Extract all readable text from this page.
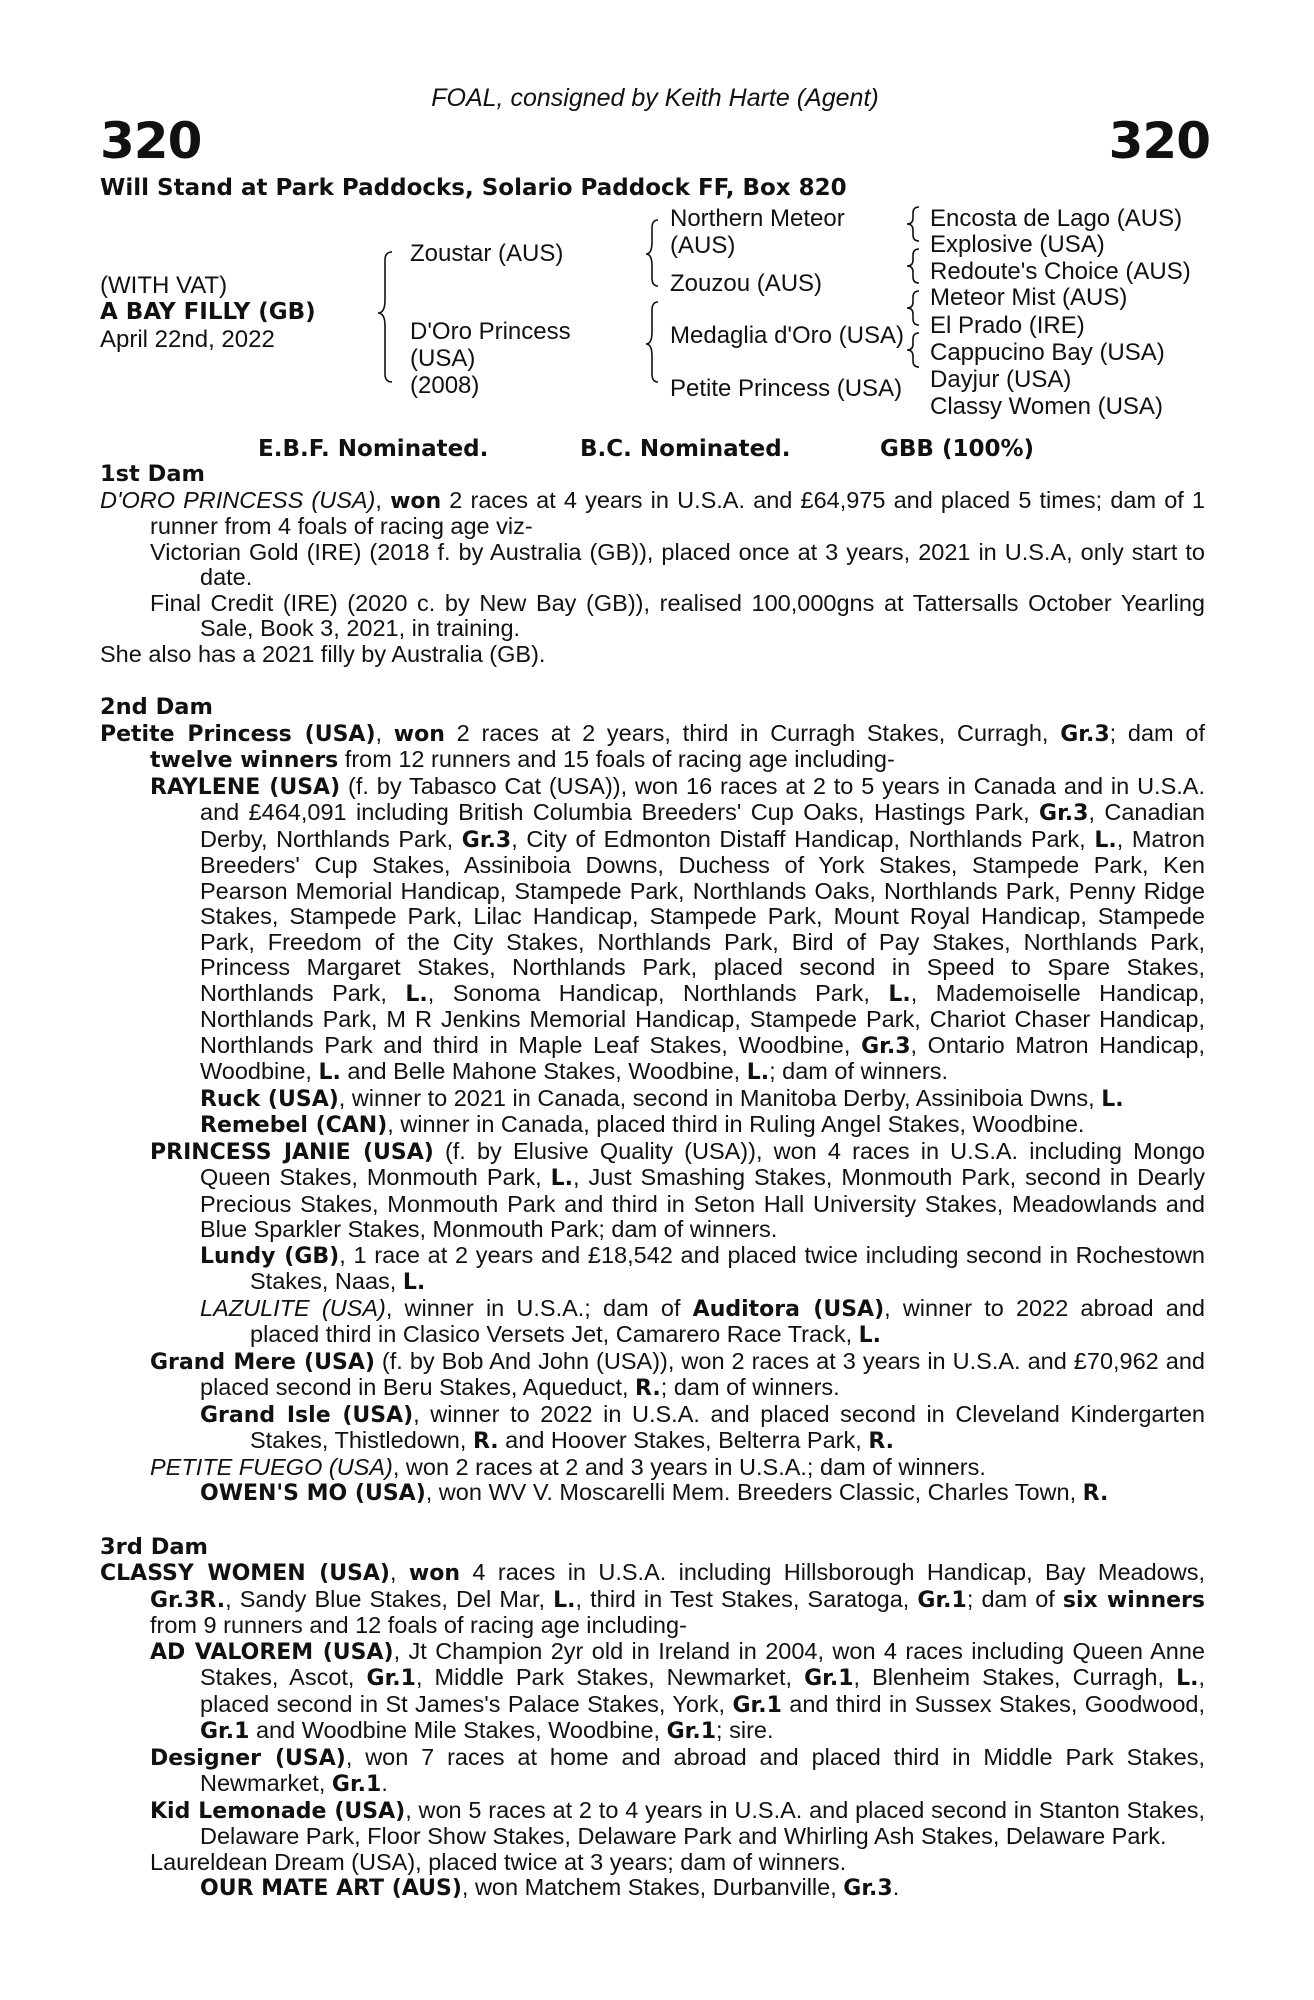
FOAL, consigned by Keith Harte (Agent)
320	320
Will Stand at Park Paddocks, Solario Paddock FF, Box 820
(WITH VAT)
A BAY FILLY (GB)
April 22nd, 2022
Zoustar (AUS)
D'Oro Princess
(USA)
(2008)
Northern Meteor
(AUS)
Zouzou (AUS)
Medaglia d'Oro (USA)
Petite Princess (USA)
Encosta de Lago (AUS)
Explosive (USA)
Redoute's Choice (AUS)
Meteor Mist (AUS)
El Prado (IRE)
Cappucino Bay (USA)
Dayjur (USA)
Classy Women (USA)
E.B.F. Nominated.	B.C. Nominated.	GBB (100%)

1st Dam

D'ORO PRINCESS (USA), won 2 races at 4 years in U.S.A. and £64,975 and placed 5 times; dam of 1 runner from 4 foals of racing age viz-

Victorian Gold (IRE) (2018 f. by Australia (GB)), placed once at 3 years, 2021 in U.S.A, only start to date.

Final Credit (IRE) (2020 c. by New Bay (GB)), realised 100,000gns at Tattersalls October Yearling Sale, Book 3, 2021, in training.

She also has a 2021 filly by Australia (GB).

2nd Dam

Petite Princess (USA), won 2 races at 2 years, third in Curragh Stakes, Curragh, Gr.3; dam of twelve winners from 12 runners and 15 foals of racing age including-

RAYLENE (USA) (f. by Tabasco Cat (USA)), won 16 races at 2 to 5 years in Canada and in U.S.A. and £464,091 including British Columbia Breeders' Cup Oaks, Hastings Park, Gr.3, Canadian Derby, Northlands Park, Gr.3, City of Edmonton Distaff Handicap, Northlands Park, L., Matron Breeders' Cup Stakes, Assiniboia Downs, Duchess of York Stakes, Stampede Park, Ken Pearson Memorial Handicap, Stampede Park, Northlands Oaks, Northlands Park, Penny Ridge Stakes, Stampede Park, Lilac Handicap, Stampede Park, Mount Royal Handicap, Stampede Park, Freedom of the City Stakes, Northlands Park, Bird of Pay Stakes, Northlands Park, Princess Margaret Stakes, Northlands Park, placed second in Speed to Spare Stakes, Northlands Park, L., Sonoma Handicap, Northlands Park, L., Mademoiselle Handicap, Northlands Park, M R Jenkins Memorial Handicap, Stampede Park, Chariot Chaser Handicap, Northlands Park and third in Maple Leaf Stakes, Woodbine, Gr.3, Ontario Matron Handicap, Woodbine, L. and Belle Mahone Stakes, Woodbine, L.; dam of winners.

Ruck (USA), winner to 2021 in Canada, second in Manitoba Derby, Assiniboia Dwns, L.

Remebel (CAN), winner in Canada, placed third in Ruling Angel Stakes, Woodbine.

PRINCESS JANIE (USA) (f. by Elusive Quality (USA)), won 4 races in U.S.A. including Mongo Queen Stakes, Monmouth Park, L., Just Smashing Stakes, Monmouth Park, second in Dearly Precious Stakes, Monmouth Park and third in Seton Hall University Stakes, Meadowlands and Blue Sparkler Stakes, Monmouth Park; dam of winners.

Lundy (GB), 1 race at 2 years and £18,542 and placed twice including second in Rochestown Stakes, Naas, L.

LAZULITE (USA), winner in U.S.A.; dam of Auditora (USA), winner to 2022 abroad and placed third in Clasico Versets Jet, Camarero Race Track, L.

Grand Mere (USA) (f. by Bob And John (USA)), won 2 races at 3 years in U.S.A. and £70,962 and placed second in Beru Stakes, Aqueduct, R.; dam of winners.

Grand Isle (USA), winner to 2022 in U.S.A. and placed second in Cleveland Kindergarten Stakes, Thistledown, R. and Hoover Stakes, Belterra Park, R.

PETITE FUEGO (USA), won 2 races at 2 and 3 years in U.S.A.; dam of winners.

OWEN'S MO (USA), won WV V. Moscarelli Mem. Breeders Classic, Charles Town, R.

3rd Dam

CLASSY WOMEN (USA), won 4 races in U.S.A. including Hillsborough Handicap, Bay Meadows, Gr.3R., Sandy Blue Stakes, Del Mar, L., third in Test Stakes, Saratoga, Gr.1; dam of six winners from 9 runners and 12 foals of racing age including-

AD VALOREM (USA), Jt Champion 2yr old in Ireland in 2004, won 4 races including Queen Anne Stakes, Ascot, Gr.1, Middle Park Stakes, Newmarket, Gr.1, Blenheim Stakes, Curragh, L., placed second in St James's Palace Stakes, York, Gr.1 and third in Sussex Stakes, Goodwood, Gr.1 and Woodbine Mile Stakes, Woodbine, Gr.1; sire.

Designer (USA), won 7 races at home and abroad and placed third in Middle Park Stakes, Newmarket, Gr.1.

Kid Lemonade (USA), won 5 races at 2 to 4 years in U.S.A. and placed second in Stanton Stakes, Delaware Park, Floor Show Stakes, Delaware Park and Whirling Ash Stakes, Delaware Park.

Laureldean Dream (USA), placed twice at 3 years; dam of winners.

OUR MATE ART (AUS), won Matchem Stakes, Durbanville, Gr.3.
